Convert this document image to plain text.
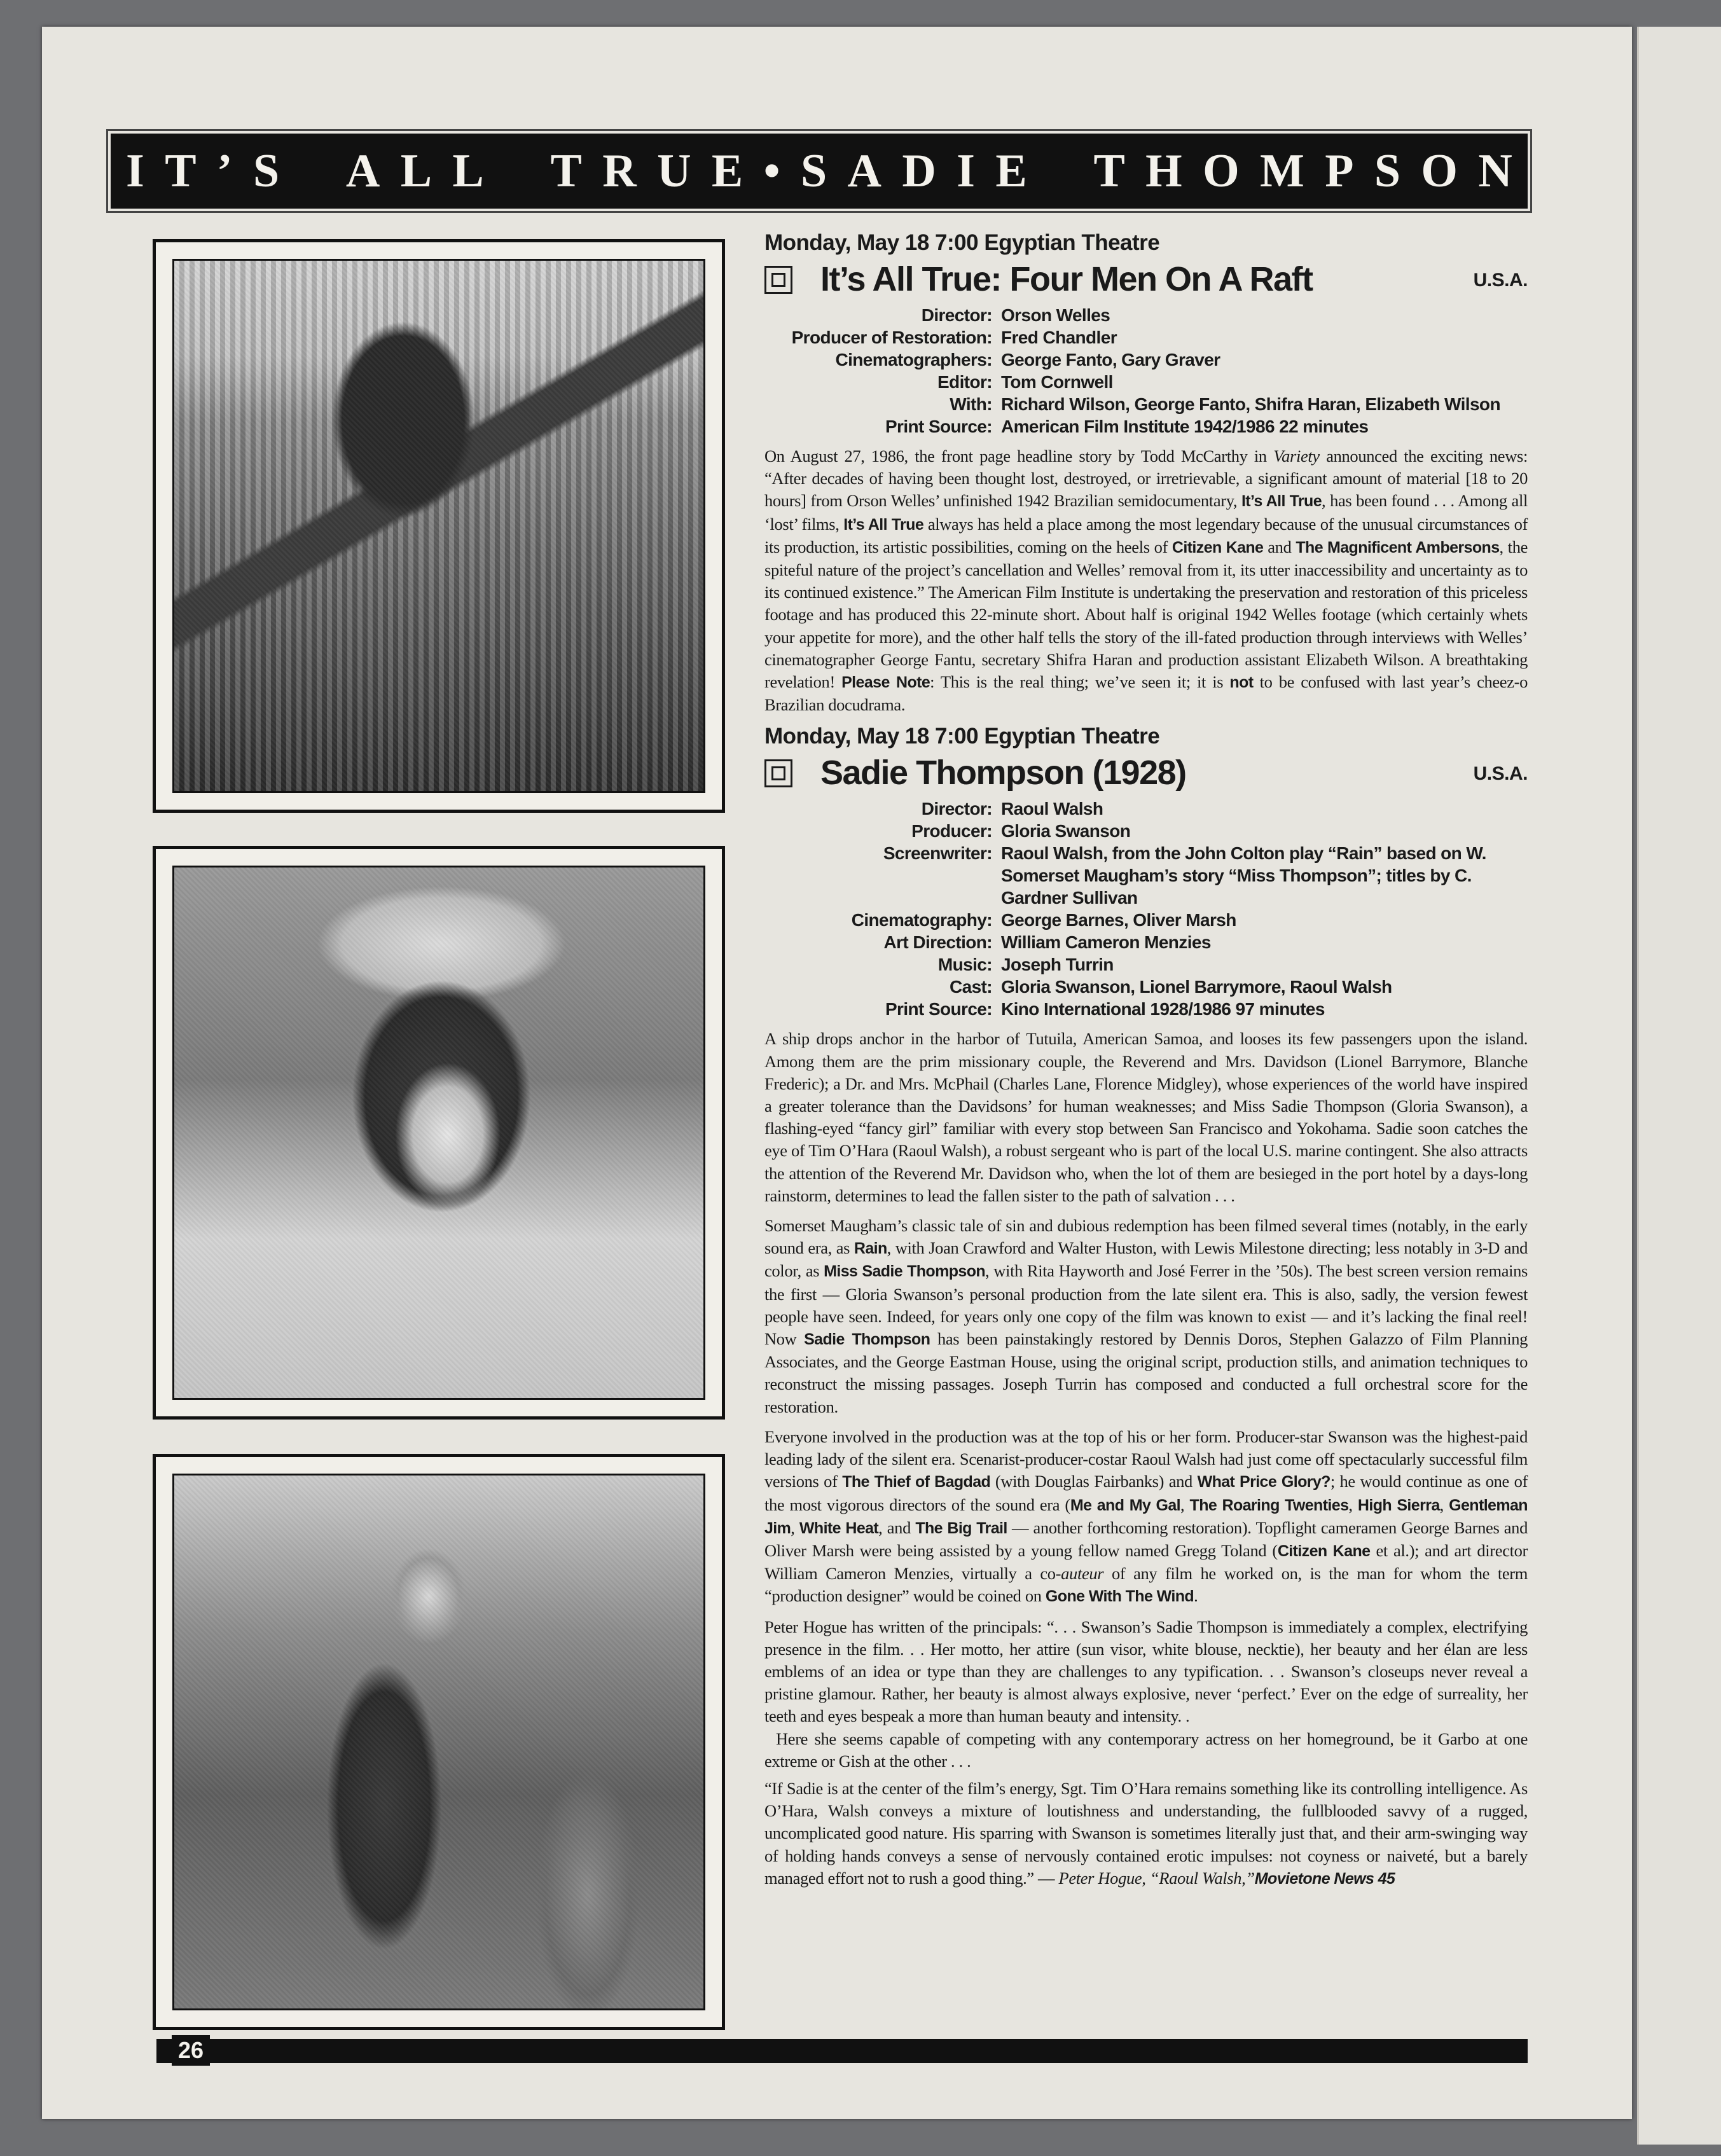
I T ’ S A L L T R U E • S A D I E T H O M P S O N
Monday, May 18 7:00 Egyptian Theatre
It’s All True: Four Men On A Raft	U.S.A.
Director: Orson Welles
Producer of Restoration: Fred Chandler
Cinematographers: George Fanto, Gary Graver
Editor: Tom Cornwell
With: Richard Wilson, George Fanto, Shifra Haran, Elizabeth Wilson
Print Source: American Film Institute 1942/1986 22 minutes

On August 27, 1986, the front page headline story by Todd McCarthy in Variety announced the exciting news: “After decades of having been thought lost, destroyed, or irretrievable, a significant amount of material [18 to 20 hours] from Orson Welles’ unfinished 1942 Brazilian semidocumentary, It’s All True, has been found . . . Among all ‘lost’ films, It’s All True always has held a place among the most legendary because of the unusual circumstances of its production, its artistic possibilities, coming on the heels of Citizen Kane and The Magnificent Ambersons, the spiteful nature of the project’s cancellation and Welles’ removal from it, its utter inaccessibility and uncertainty as to its continued existence.” The American Film Institute is undertaking the preservation and restoration of this priceless footage and has produced this 22-minute short. About half is original 1942 Welles footage (which certainly whets your appetite for more), and the other half tells the story of the ill-fated production through interviews with Welles’ cinematographer George Fantu, secretary Shifra Haran and production assistant Elizabeth Wilson. A breathtaking revelation! Please Note: This is the real thing; we’ve seen it; it is not to be confused with last year’s cheez-o Brazilian docudrama.

Monday, May 18 7:00 Egyptian Theatre
Sadie Thompson (1928)	U.S.A.
Director: Raoul Walsh
Producer: Gloria Swanson
Screenwriter: Raoul Walsh, from the John Colton play “Rain” based on W. Somerset Maugham’s story “Miss Thompson”; titles by C. Gardner Sullivan
Cinematography: George Barnes, Oliver Marsh
Art Direction: William Cameron Menzies
Music: Joseph Turrin
Cast: Gloria Swanson, Lionel Barrymore, Raoul Walsh
Print Source: Kino International 1928/1986 97 minutes

A ship drops anchor in the harbor of Tutuila, American Samoa, and looses its few passengers upon the island. Among them are the prim missionary couple, the Reverend and Mrs. Davidson (Lionel Barrymore, Blanche Frederic); a Dr. and Mrs. McPhail (Charles Lane, Florence Midgley), whose experiences of the world have inspired a greater tolerance than the Davidsons’ for human weaknesses; and Miss Sadie Thompson (Gloria Swanson), a flashing-eyed “fancy girl” familiar with every stop between San Francisco and Yokohama. Sadie soon catches the eye of Tim O’Hara (Raoul Walsh), a robust sergeant who is part of the local U.S. marine contingent. She also attracts the attention of the Reverend Mr. Davidson who, when the lot of them are besieged in the port hotel by a days-long rainstorm, determines to lead the fallen sister to the path of salvation . . .

Somerset Maugham’s classic tale of sin and dubious redemption has been filmed several times (notably, in the early sound era, as Rain, with Joan Crawford and Walter Huston, with Lewis Milestone directing; less notably in 3-D and color, as Miss Sadie Thompson, with Rita Hayworth and José Ferrer in the ’50s). The best screen version remains the first — Gloria Swanson’s personal production from the late silent era. This is also, sadly, the version fewest people have seen. Indeed, for years only one copy of the film was known to exist — and it’s lacking the final reel! Now Sadie Thompson has been painstakingly restored by Dennis Doros, Stephen Galazzo of Film Planning Associates, and the George Eastman House, using the original script, production stills, and animation techniques to reconstruct the missing passages. Joseph Turrin has composed and conducted a full orchestral score for the restoration.

Everyone involved in the production was at the top of his or her form. Producer-star Swanson was the highest-paid leading lady of the silent era. Scenarist-producer-costar Raoul Walsh had just come off spectacularly successful film versions of The Thief of Bagdad (with Douglas Fairbanks) and What Price Glory?; he would continue as one of the most vigorous directors of the sound era (Me and My Gal, The Roaring Twenties, High Sierra, Gentleman Jim, White Heat, and The Big Trail — another forthcoming restoration). Topflight cameramen George Barnes and Oliver Marsh were being assisted by a young fellow named Gregg Toland (Citizen Kane et al.); and art director William Cameron Menzies, virtually a co-auteur of any film he worked on, is the man for whom the term “production designer” would be coined on Gone With The Wind.

Peter Hogue has written of the principals: “. . . Swanson’s Sadie Thompson is immediately a complex, electrifying presence in the film. . . Her motto, her attire (sun visor, white blouse, necktie), her beauty and her élan are less emblems of an idea or type than they are challenges to any typification. . . Swanson’s closeups never reveal a pristine glamour. Rather, her beauty is almost always explosive, never ‘perfect.’ Ever on the edge of surreality, her teeth and eyes bespeak a more than human beauty and intensity. .

Here she seems capable of competing with any contemporary actress on her homeground, be it Garbo at one extreme or Gish at the other . . .

“If Sadie is at the center of the film’s energy, Sgt. Tim O’Hara remains something like its controlling intelligence. As O’Hara, Walsh conveys a mixture of loutishness and understanding, the fullblooded savvy of a rugged, uncomplicated good nature. His sparring with Swanson is sometimes literally just that, and their arm-swinging way of holding hands conveys a sense of nervously contained erotic impulses: not coyness or naiveté, but a barely managed effort not to rush a good thing.” — Peter Hogue, “Raoul Walsh,”Movietone News 45

26
